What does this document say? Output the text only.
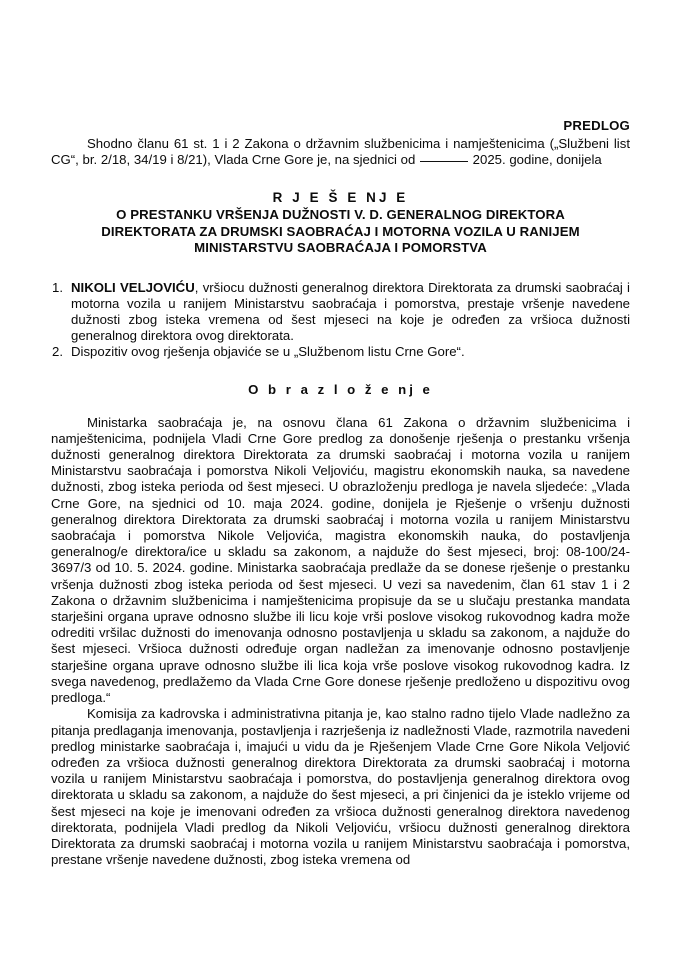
PREDLOG

Shodno članu 61 st. 1 i 2 Zakona o državnim službenicima i namještenicima („Službeni list CG“, br. 2/18, 34/19 i 8/21), Vlada Crne Gore je, na sjednici od	2025. godine, donijela

R J E Š E NJ E

O PRESTANKU VRŠENJA DUŽNOSTI V. D. GENERALNOG DIREKTORA

DIREKTORATA ZA DRUMSKI SAOBRAĆAJ I MOTORNA VOZILA U RANIJEM

MINISTARSTVU SAOBRAĆAJA I POMORSTVA

NIKOLI VELJOVIĆU, vršiocu dužnosti generalnog direktora Direktorata za drumski saobraćaj i motorna vozila u ranijem Ministarstvu saobraćaja i pomorstva, prestaje vršenje navedene dužnosti zbog isteka vremena od šest mjeseci na koje je određen za vršioca dužnosti generalnog direktora ovog direktorata.
Dispozitiv ovog rješenja objaviće se u „Službenom listu Crne Gore“.

O b r a z l o ž e nj e

Ministarka saobraćaja je, na osnovu člana 61 Zakona o državnim službenicima i namještenicima, podnijela Vladi Crne Gore predlog za donošenje rješenja o prestanku vršenja dužnosti generalnog direktora Direktorata za drumski saobraćaj i motorna vozila u ranijem Ministarstvu saobraćaja i pomorstva Nikoli Veljoviću, magistru ekonomskih nauka, sa navedene dužnosti, zbog isteka perioda od šest mjeseci. U obrazloženju predloga je navela sljedeće: „Vlada Crne Gore, na sjednici od 10. maja 2024. godine, donijela je Rješenje o vršenju dužnosti generalnog direktora Direktorata za drumski saobraćaj i motorna vozila u ranijem Ministarstvu saobraćaja i pomorstva Nikole Veljovića, magistra ekonomskih nauka, do postavljenja generalnog/e direktora/ice u skladu sa zakonom, a najduže do šest mjeseci, broj: 08-100/24-3697/3 od 10. 5. 2024. godine. Ministarka saobraćaja predlaže da se donese rješenje o prestanku vršenja dužnosti zbog isteka perioda od šest mjeseci. U vezi sa navedenim, član 61 stav 1 i 2 Zakona o državnim službenicima i namještenicima propisuje da se u slučaju prestanka mandata starješini organa uprave odnosno službe ili licu koje vrši poslove visokog rukovodnog kadra može odrediti vršilac dužnosti do imenovanja odnosno postavljenja u skladu sa zakonom, a najduže do šest mjeseci. Vršioca dužnosti određuje organ nadležan za imenovanje odnosno postavljenje starješine organa uprave odnosno službe ili lica koja vrše poslove visokog rukovodnog kadra. Iz svega navedenog, predlažemo da Vlada Crne Gore donese rješenje predloženo u dispozitivu ovog predloga.“

Komisija za kadrovska i administrativna pitanja je, kao stalno radno tijelo Vlade nadležno za pitanja predlaganja imenovanja, postavljenja i razrješenja iz nadležnosti Vlade, razmotrila navedeni predlog ministarke saobraćaja i, imajući u vidu da je Rješenjem Vlade Crne Gore Nikola Veljović određen za vršioca dužnosti generalnog direktora Direktorata za drumski saobraćaj i motorna vozila u ranijem Ministarstvu saobraćaja i pomorstva, do postavljenja generalnog direktora ovog direktorata u skladu sa zakonom, a najduže do šest mjeseci, a pri činjenici da je isteklo vrijeme od šest mjeseci na koje je imenovani određen za vršioca dužnosti generalnog direktora navedenog direktorata, podnijela Vladi predlog da Nikoli Veljoviću, vršiocu dužnosti generalnog direktora Direktorata za drumski saobraćaj i motorna vozila u ranijem Ministarstvu saobraćaja i pomorstva, prestane vršenje navedene dužnosti, zbog isteka vremena od
